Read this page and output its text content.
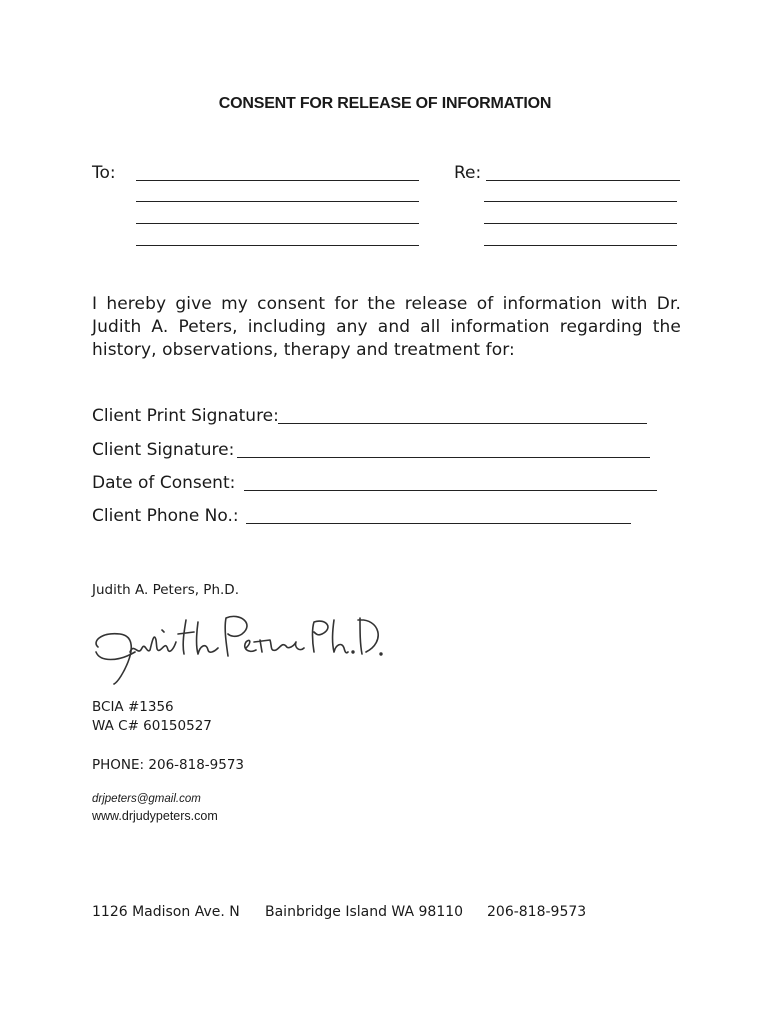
CONSENT FOR RELEASE OF INFORMATION
To:	Re:
I hereby give my consent for the release of information with Dr. Judith A. Peters, including any and all information regarding the history, observations, therapy and treatment for:
Client Print Signature:
Client Signature:
Date of Consent:
Client Phone No.:
Judith A. Peters, Ph.D.
BCIA #1356
WA C# 60150527
PHONE: 206-818-9573
drjpeters@gmail.com
www.drjudypeters.com
1126 Madison Ave. N Bainbridge Island WA 98110 206-818-9573
